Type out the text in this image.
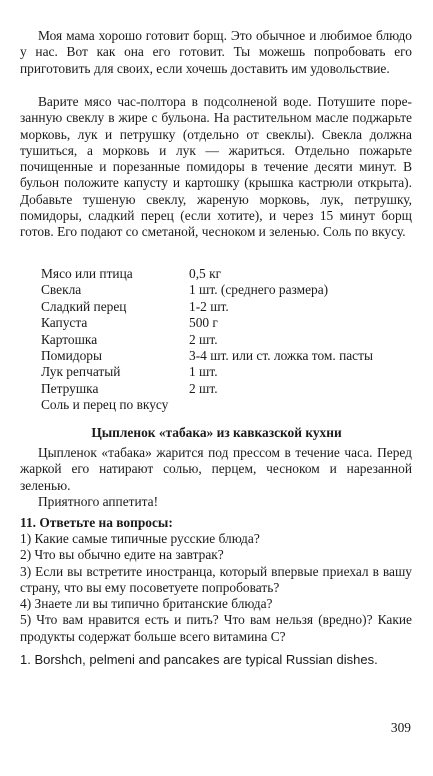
Моя мама хорошо готовит борщ. Это обычное и любимое блюдо у нас. Вот как она его готовит. Ты можешь попробовать его приготовить для своих, если хочешь доставить им удовольствие.

Варите мясо час-полтора в подсолненой воде. Потушите порезанную свеклу в жире с бульона. На растительном масле поджарьте морковь, лук и петрушку (отдельно от свеклы). Свекла должна тушиться, а морковь и лук — жариться. Отдельно пожарьте почищенные и порезанные помидоры в течение десяти минут. В бульон положите капусту и картошку (крышка кастрюли открыта). Добавьте тушеную свеклу, жареную морковь, лук, петрушку, помидоры, сладкий перец (если хотите), и через 15 минут борщ готов. Его подают со сметаной, чесноком и зеленью. Соль по вкусу.

Мясо или птица	0,5 кг
Свекла	1 шт. (среднего размера)
Сладкий перец	1-2 шт.
Капуста	500 г
Картошка	2 шт.
Помидоры	3-4 шт. или ст. ложка том. пасты
Лук репчатый	1 шт.
Петрушка	2 шт.
Соль и перец по вкусу
Цыпленок «табака» из кавказской кухни

Цыпленок «табака» жарится под прессом в течение часа. Перед жаркой его натирают солью, перцем, чесноком и нарезанной зеленью.

Приятного аппетита!

11. Ответьте на вопросы:
1) Какие самые типичные русские блюда?
2) Что вы обычно едите на завтрак?
3) Если вы встретите иностранца, который впервые приехал в вашу страну, что вы ему посоветуете попробовать?
4) Знаете ли вы типично британские блюда?
5) Что вам нравится есть и пить? Что вам нельзя (вредно)? Какие продукты содержат больше всего витамина С?
1. Borshch, pelmeni and pancakes are typical Russian dishes.
309
